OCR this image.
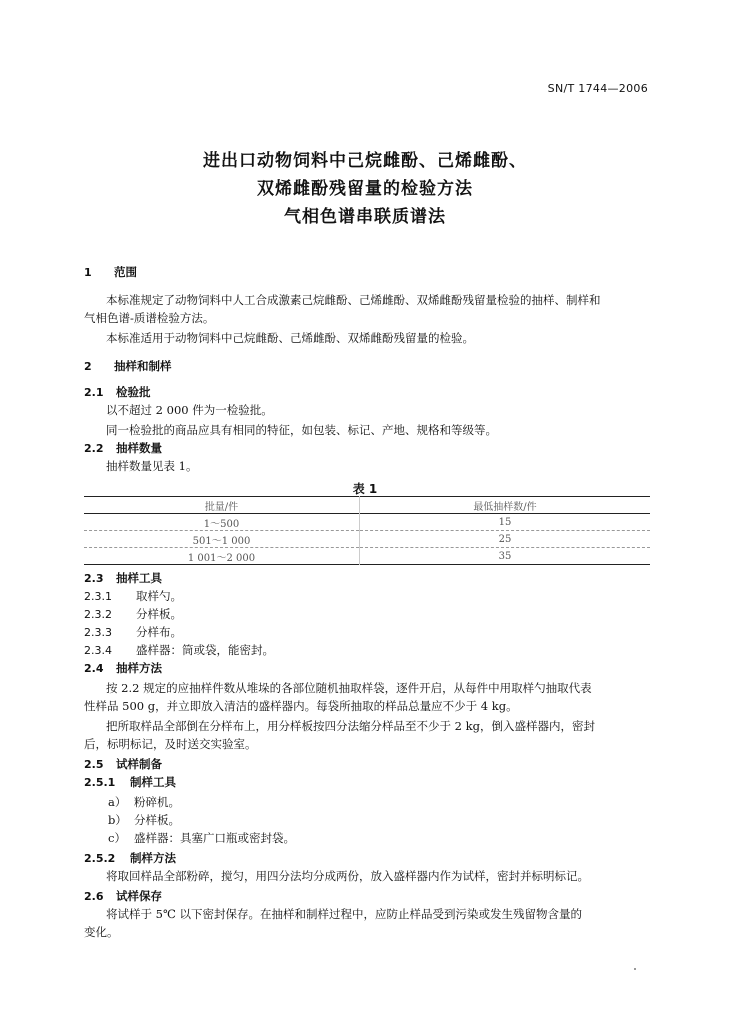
SN/T 1744—2006
进出口动物饲料中己烷雌酚、己烯雌酚、
双烯雌酚残留量的检验方法
气相色谱串联质谱法
1 范围
本标准规定了动物饲料中人工合成激素己烷雌酚、己烯雌酚、双烯雌酚残留量检验的抽样、制样和
气相色谱-质谱检验方法。
本标准适用于动物饲料中己烷雌酚、己烯雌酚、双烯雌酚残留量的检验。
2 抽样和制样
2.1 检验批
以不超过 2 000 件为一检验批。
同一检验批的商品应具有相同的特征，如包装、标记、产地、规格和等级等。
2.2 抽样数量
抽样数量见表 1。
表 1
批量/件	最低抽样数/件
1～500	15
501～1 000	25
1 001～2 000	35
2.3 抽样工具
2.3.1 取样勺。
2.3.2 分样板。
2.3.3 分样布。
2.3.4 盛样器：筒或袋，能密封。
2.4 抽样方法
按 2.2 规定的应抽样件数从堆垛的各部位随机抽取样袋，逐件开启，从每件中用取样勺抽取代表
性样品 500 g，并立即放入清洁的盛样器内。每袋所抽取的样品总量应不少于 4 kg。
把所取样品全部倒在分样布上，用分样板按四分法缩分样品至不少于 2 kg，倒入盛样器内，密封
后，标明标记，及时送交实验室。
2.5 试样制备
2.5.1 制样工具
a） 粉碎机。
b） 分样板。
c） 盛样器：具塞广口瓶或密封袋。
2.5.2 制样方法
将取回样品全部粉碎，搅匀，用四分法均分成两份，放入盛样器内作为试样，密封并标明标记。
2.6 试样保存
将试样于 5℃ 以下密封保存。在抽样和制样过程中，应防止样品受到污染或发生残留物含量的
变化。
